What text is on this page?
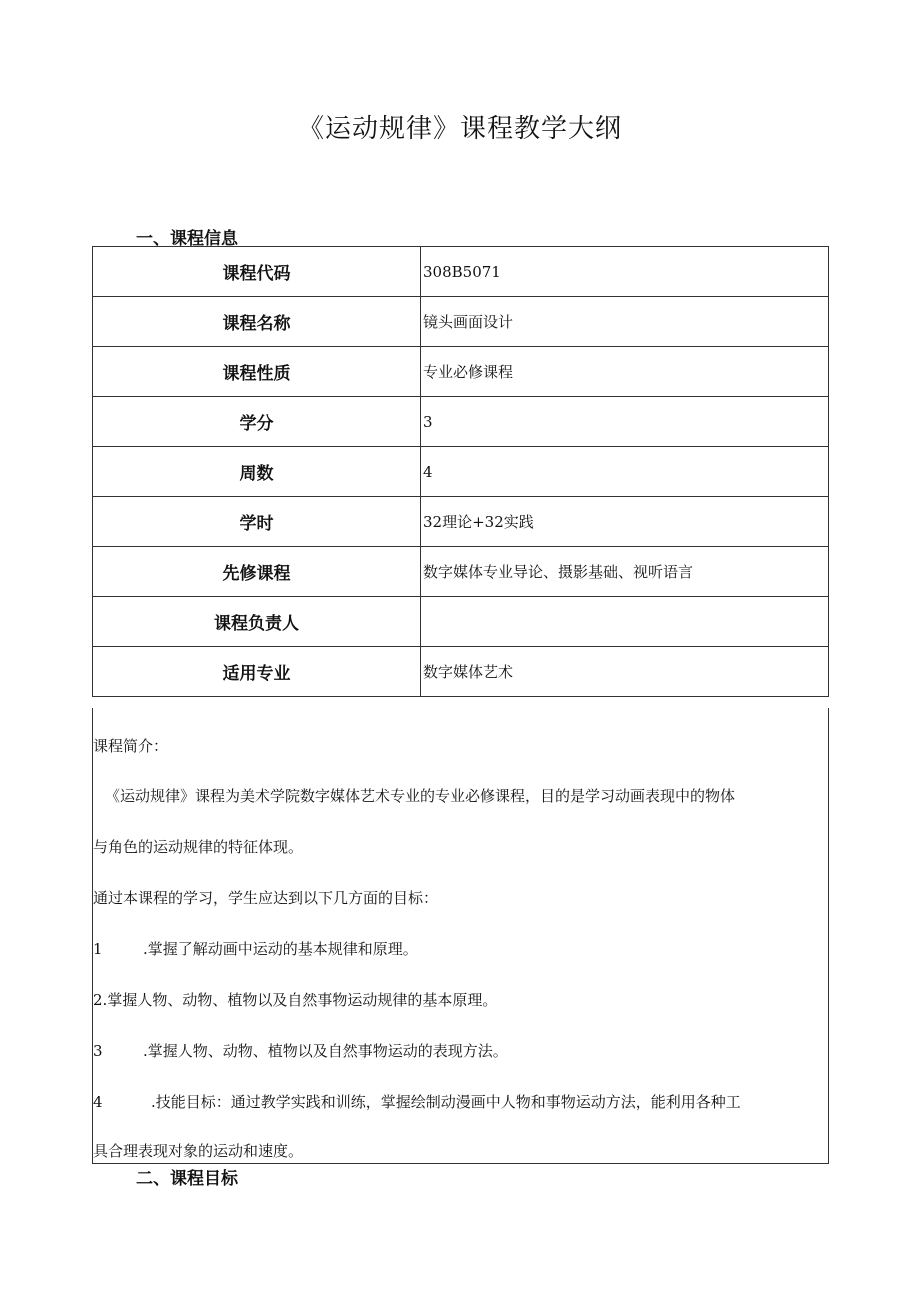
《运动规律》课程教学大纲
一、课程信息
课程代码	308B5071
课程名称	镜头画面设计
课程性质	专业必修课程
学分	3
周数	4
学时	32理论+32实践
先修课程	数字媒体专业导论、摄影基础、视听语言
课程负责人	
适用专业	数字媒体艺术
课程简介：
《运动规律》课程为美术学院数字媒体艺术专业的专业必修课程，目的是学习动画表现中的物体
与角色的运动规律的特征体现。
通过本课程的学习，学生应达到以下几方面的目标：
1	.掌握了解动画中运动的基本规律和原理。
2.掌握人物、动物、植物以及自然事物运动规律的基本原理。
3	.掌握人物、动物、植物以及自然事物运动的表现方法。
4	.技能目标：通过教学实践和训练，掌握绘制动漫画中人物和事物运动方法，能利用各种工
具合理表现对象的运动和速度。
二、课程目标
